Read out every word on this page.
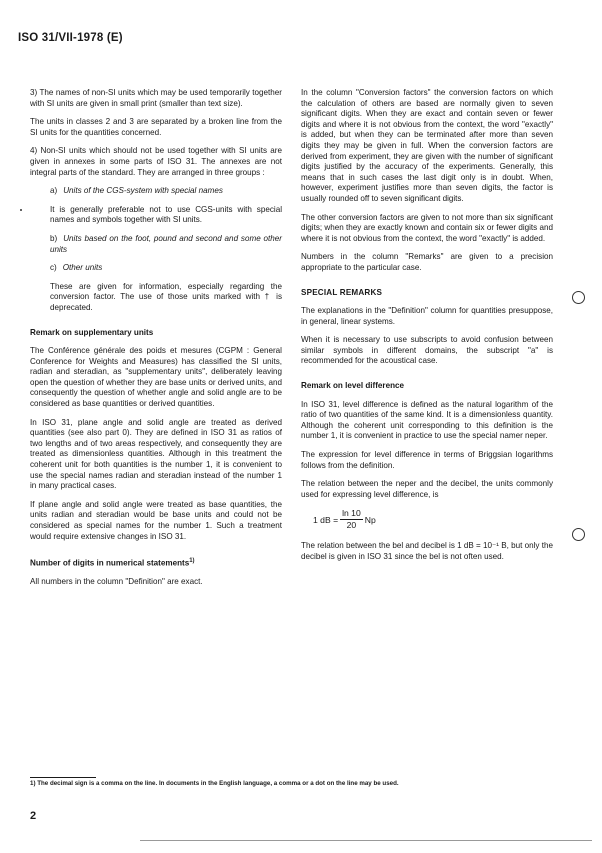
ISO 31/VII-1978 (E)

3) The names of non-SI units which may be used temporarily together with SI units are given in small print (smaller than text size).

The units in classes 2 and 3 are separated by a broken line from the SI units for the quantities concerned.

4) Non-SI units which should not be used together with SI units are given in annexes in some parts of ISO 31. The annexes are not integral parts of the standard. They are arranged in three groups :

a) Units of the CGS-system with special names

It is generally preferable not to use CGS-units with special names and symbols together with SI units.

b) Units based on the foot, pound and second and some other units

c) Other units

These are given for information, especially regarding the conversion factor. The use of those units marked with † is deprecated.

Remark on supplementary units

The Conférence générale des poids et mesures (CGPM : General Conference for Weights and Measures) has classified the SI units, radian and steradian, as "supplementary units", deliberately leaving open the question of whether they are base units or derived units, and consequently the question of whether angle and solid angle are to be considered as base quantities or derived quantities.

In ISO 31, plane angle and solid angle are treated as derived quantities (see also part 0). They are defined in ISO 31 as ratios of two lengths and of two areas respectively, and consequently they are treated as dimensionless quantities. Although in this treatment the coherent unit for both quantities is the number 1, it is convenient to use the special names radian and steradian instead of the number 1 in many practical cases.

If plane angle and solid angle were treated as base quantities, the units radian and steradian would be base units and could not be considered as special names for the number 1. Such a treatment would require extensive changes in ISO 31.

Number of digits in numerical statements$^{1)}$

All numbers in the column "Definition" are exact.

In the column "Conversion factors" the conversion factors on which the calculation of others are based are normally given to seven significant digits. When they are exact and contain seven or fewer digits and where it is not obvious from the context, the word "exactly" is added, but when they can be terminated after more than seven digits they may be given in full. When the conversion factors are derived from experiment, they are given with the number of significant digits justified by the accuracy of the experiments. Generally, this means that in such cases the last digit only is in doubt. When, however, experiment justifies more than seven digits, the factor is usually rounded off to seven significant digits.

The other conversion factors are given to not more than six significant digits; when they are exactly known and contain six or fewer digits and where it is not obvious from the context, the word "exactly" is added.

Numbers in the column "Remarks" are given to a precision appropriate to the particular case.

SPECIAL REMARKS

The explanations in the "Definition" column for quantities presuppose, in general, linear systems.

When it is necessary to use subscripts to avoid confusion between similar symbols in different domains, the subscript "a" is recommended for the acoustical case.

Remark on level difference

In ISO 31, level difference is defined as the natural logarithm of the ratio of two quantities of the same kind. It is a dimensionless quantity. Although the coherent unit corresponding to this definition is the number 1, it is convenient in practice to use the special namer neper.

The expression for level difference in terms of Briggsian logarithms follows from the definition.

The relation between the neper and the decibel, the units commonly used for expressing level difference, is

1 dB = $\frac{\ln 10}{20}$ Np

The relation between the bel and decibel is 1 dB = 10⁻¹ B, but only the decibel is given in ISO 31 since the bel is not often used.

1) The decimal sign is a comma on the line. In documents in the English language, a comma or a dot on the line may be used.
2
